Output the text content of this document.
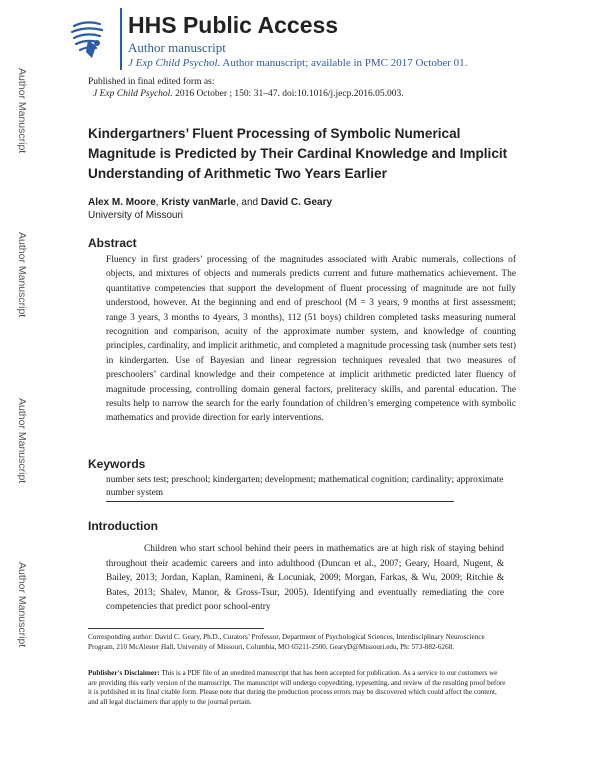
Author Manuscript
Author Manuscript
Author Manuscript
Author Manuscript
HHS Public Access
Author manuscript
J Exp Child Psychol. Author manuscript; available in PMC 2017 October 01.
Published in final edited form as:
J Exp Child Psychol. 2016 October ; 150: 31–47. doi:10.1016/j.jecp.2016.05.003.
Kindergartners’ Fluent Processing of Symbolic Numerical Magnitude is Predicted by Their Cardinal Knowledge and Implicit Understanding of Arithmetic Two Years Earlier
Alex M. Moore, Kristy vanMarle, and David C. Geary
University of Missouri
Abstract

Fluency in first graders’ processing of the magnitudes associated with Arabic numerals, collections of objects, and mixtures of objects and numerals predicts current and future mathematics achievement. The quantitative competencies that support the development of fluent processing of magnitude are not fully understood, however. At the beginning and end of preschool (M = 3 years, 9 months at first assessment; range 3 years, 3 months to 4years, 3 months), 112 (51 boys) children completed tasks measuring numeral recognition and comparison, acuity of the approximate number system, and knowledge of counting principles, cardinality, and implicit arithmetic, and completed a magnitude processing task (number sets test) in kindergarten. Use of Bayesian and linear regression techniques revealed that two measures of preschoolers’ cardinal knowledge and their competence at implicit arithmetic predicted later fluency of magnitude processing, controlling domain general factors, preliteracy skills, and parental education. The results help to narrow the search for the early foundation of children’s emerging competence with symbolic mathematics and provide direction for early interventions.

Keywords

number sets test; preschool; kindergarten; development; mathematical cognition; cardinality; approximate number system

Introduction

Children who start school behind their peers in mathematics are at high risk of staying behind throughout their academic careers and into adulthood (Duncan et al., 2007; Geary, Hoard, Nugent, & Bailey, 2013; Jordan, Kaplan, Ramineni, & Locuniak, 2009; Morgan, Farkas, & Wu, 2009; Ritchie & Bates, 2013; Shalev, Manor, & Gross-Tsur, 2005). Identifying and eventually remediating the core competencies that predict poor school-entry

Corresponding author: David C. Geary, Ph.D., Curators’ Professor, Department of Psychological Sciences, Interdisciplinary Neuroscience Program, 210 McAlester Hall, University of Missouri, Columbia, MO 65211-2500, GearyD@Missouri.edu, Ph: 573-882-6268.

Publisher's Disclaimer: This is a PDF file of an unedited manuscript that has been accepted for publication. As a service to our customers we are providing this early version of the manuscript. The manuscript will undergo copyediting, typesetting, and review of the resulting proof before it is published in its final citable form. Please note that during the production process errors may be discovered which could affect the content, and all legal disclaimers that apply to the journal pertain.
